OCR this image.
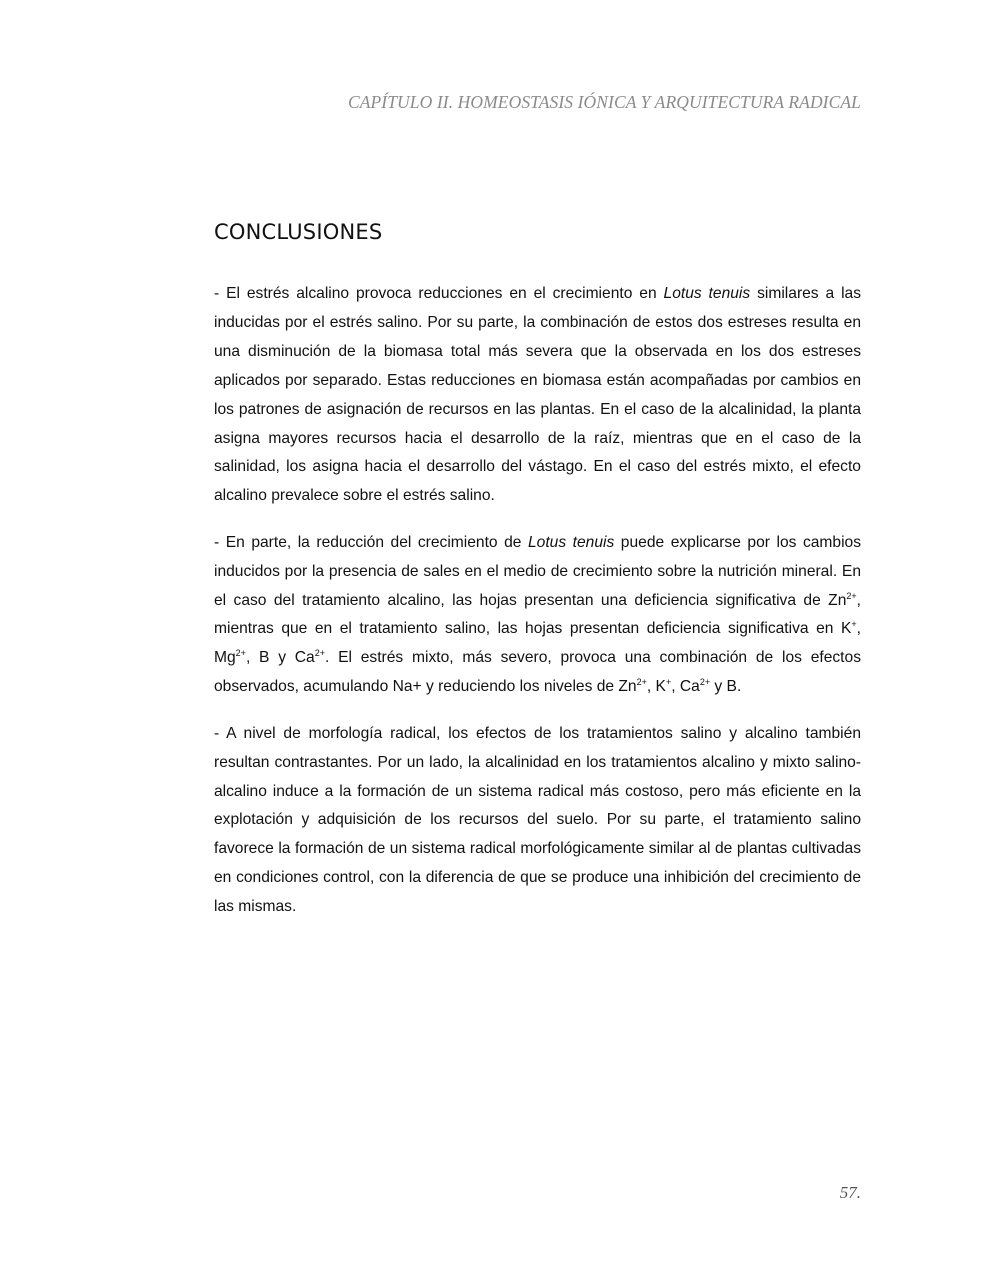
CAPÍTULO II. HOMEOSTASIS IÓNICA Y ARQUITECTURA RADICAL
CONCLUSIONES

- El estrés alcalino provoca reducciones en el crecimiento en Lotus tenuis similares a las inducidas por el estrés salino. Por su parte, la combinación de estos dos estreses resulta en una disminución de la biomasa total más severa que la observada en los dos estreses aplicados por separado. Estas reducciones en biomasa están acompañadas por cambios en los patrones de asignación de recursos en las plantas. En el caso de la alcalinidad, la planta asigna mayores recursos hacia el desarrollo de la raíz, mientras que en el caso de la salinidad, los asigna hacia el desarrollo del vástago. En el caso del estrés mixto, el efecto alcalino prevalece sobre el estrés salino.

- En parte, la reducción del crecimiento de Lotus tenuis puede explicarse por los cambios inducidos por la presencia de sales en el medio de crecimiento sobre la nutrición mineral. En el caso del tratamiento alcalino, las hojas presentan una deficiencia significativa de $Zn^{2+}$, mientras que en el tratamiento salino, las hojas presentan deficiencia significativa en K+, $Mg^{2+}$, B y $Ca^{2+}$. El estrés mixto, más severo, provoca una combinación de los efectos observados, acumulando Na+ y reduciendo los niveles de $Zn^{2+}$, K+, $Ca^{2+}$ y B.

- A nivel de morfología radical, los efectos de los tratamientos salino y alcalino también resultan contrastantes. Por un lado, la alcalinidad en los tratamientos alcalino y mixto salino-alcalino induce a la formación de un sistema radical más costoso, pero más eficiente en la explotación y adquisición de los recursos del suelo. Por su parte, el tratamiento salino favorece la formación de un sistema radical morfológicamente similar al de plantas cultivadas en condiciones control, con la diferencia de que se produce una inhibición del crecimiento de las mismas.

57.
